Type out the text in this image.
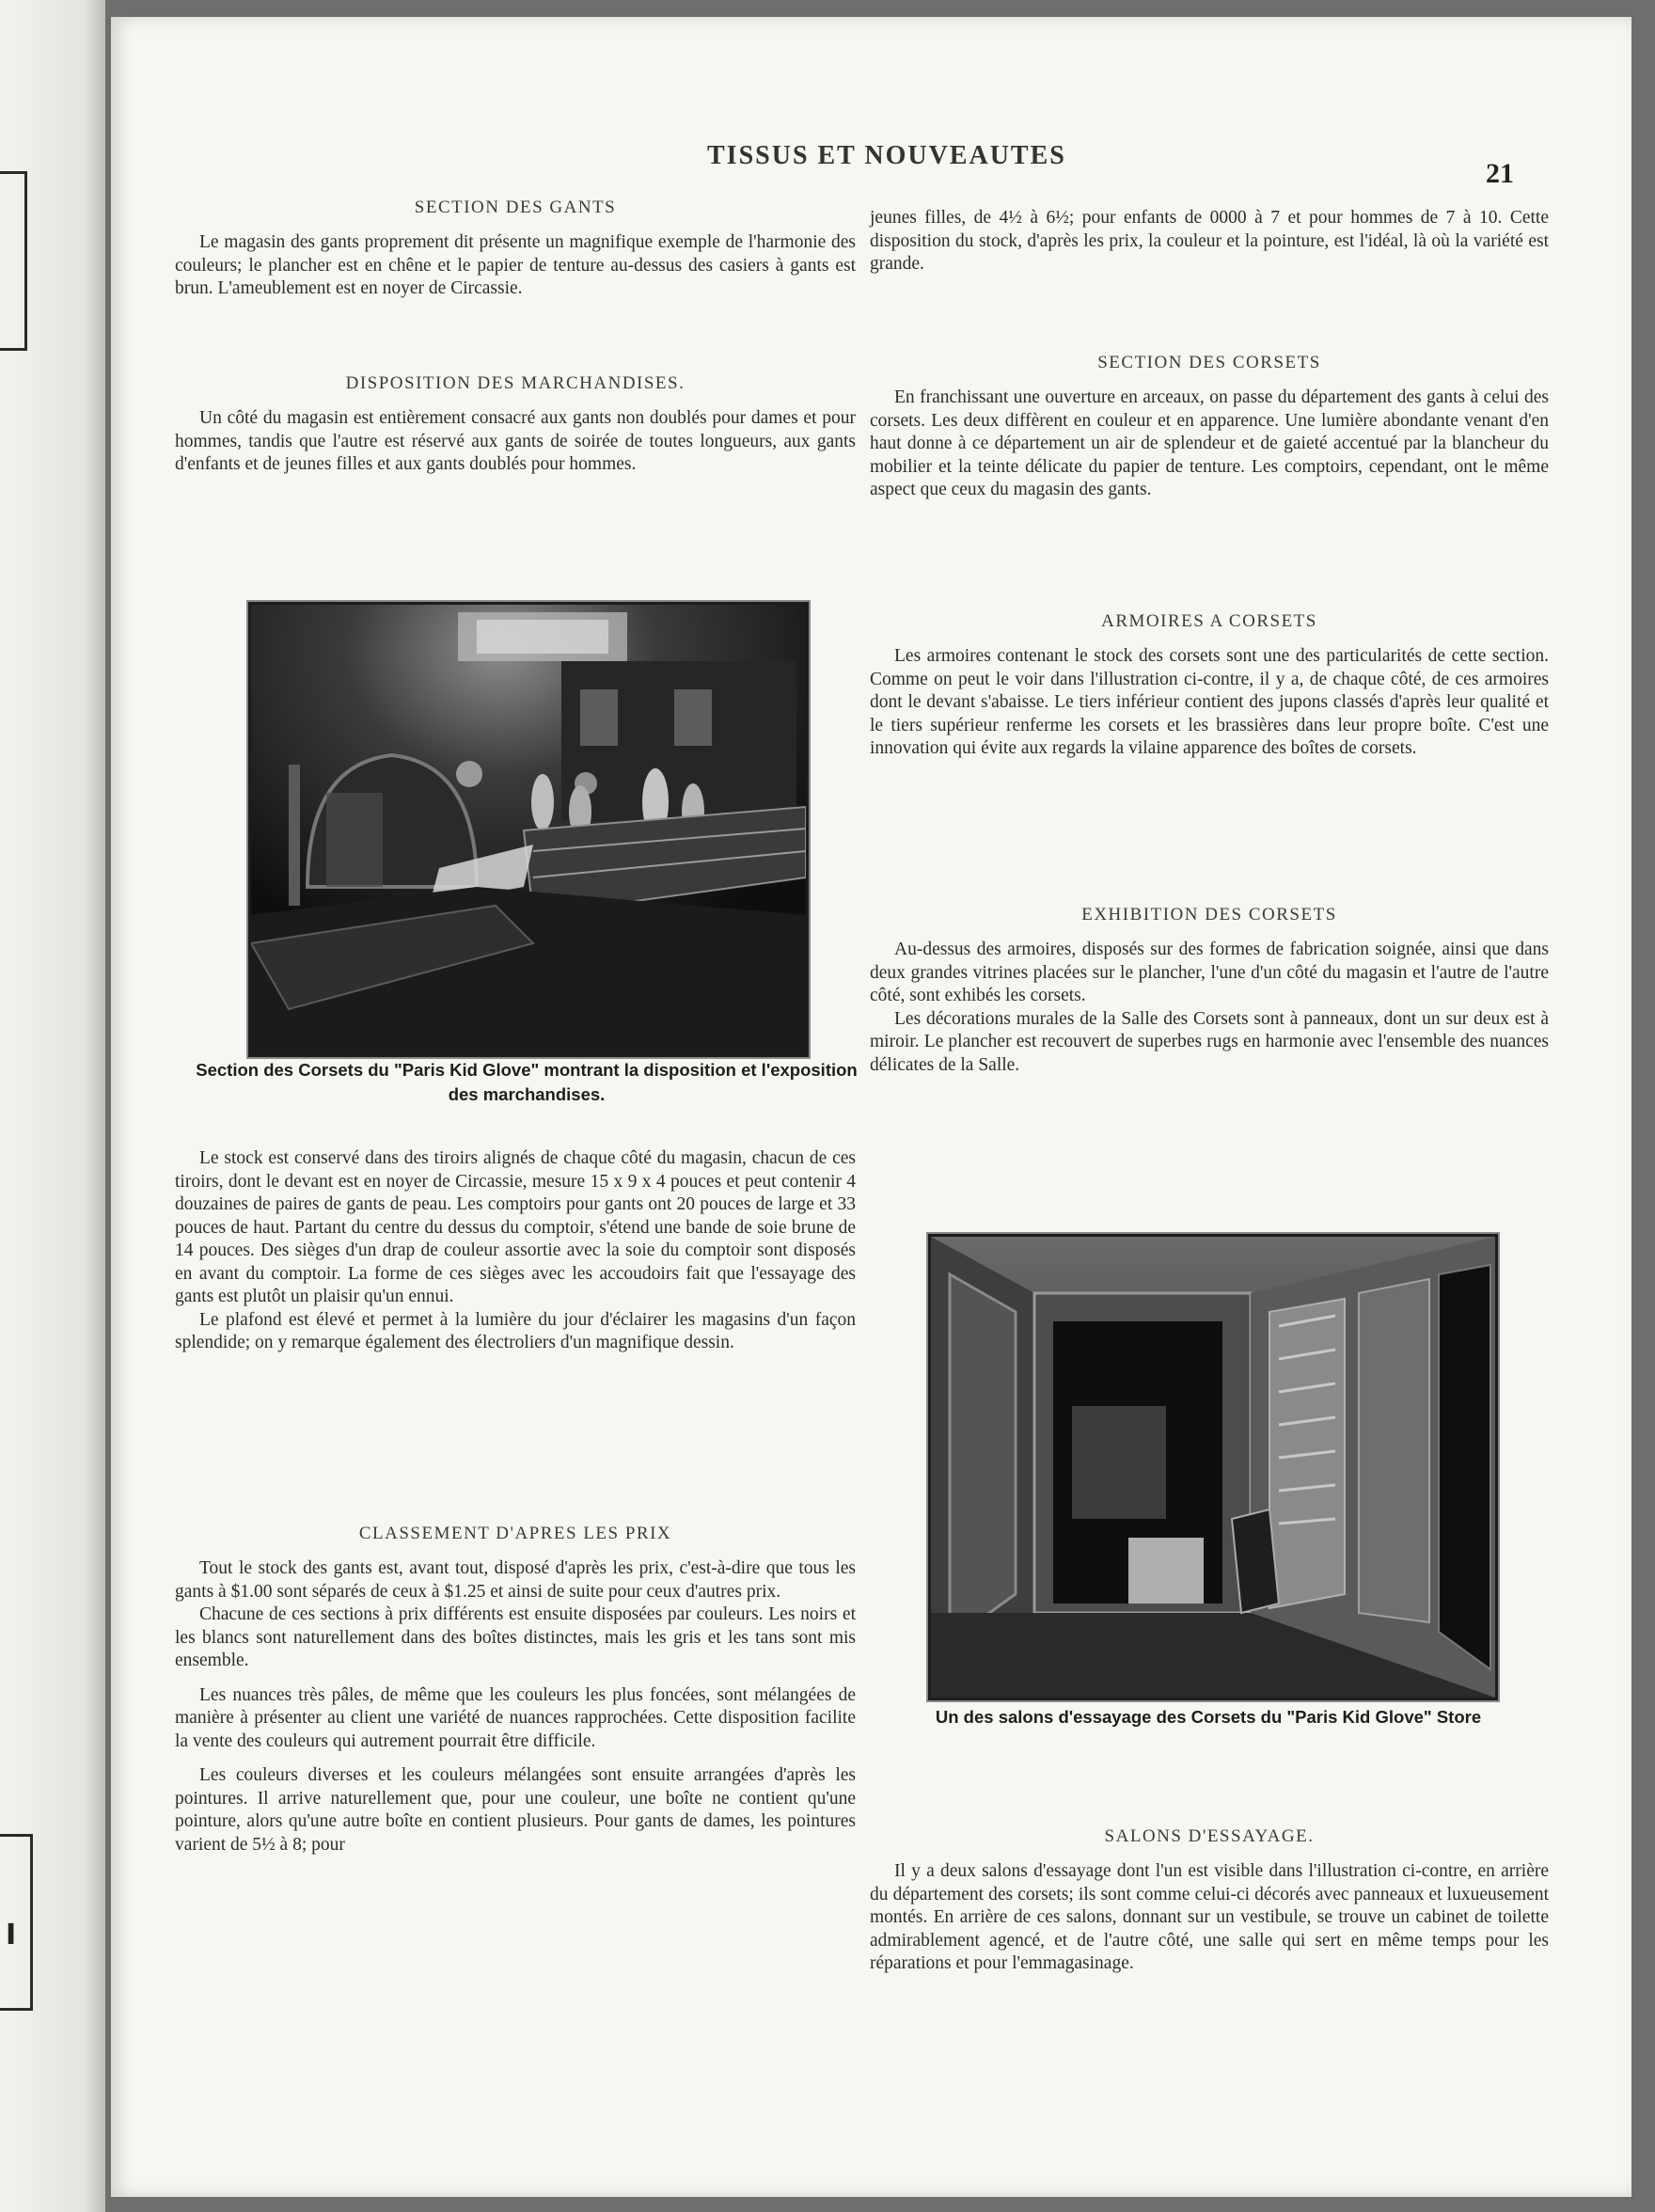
I
TISSUS ET NOUVEAUTES
21
SECTION DES GANTS

Le magasin des gants proprement dit présente un magnifique exemple de l'harmonie des couleurs; le plancher est en chêne et le papier de tenture au-dessus des casiers à gants est brun. L'ameublement est en noyer de Circassie.

DISPOSITION DES MARCHANDISES.

Un côté du magasin est entièrement consacré aux gants non doublés pour dames et pour hommes, tandis que l'autre est réservé aux gants de soirée de toutes longueurs, aux gants d'enfants et de jeunes filles et aux gants doublés pour hommes.

Section des Corsets du "Paris Kid Glove" montrant la disposition et l'exposition des marchandises.

Le stock est conservé dans des tiroirs alignés de chaque côté du magasin, chacun de ces tiroirs, dont le devant est en noyer de Circassie, mesure 15 x 9 x 4 pouces et peut contenir 4 douzaines de paires de gants de peau. Les comptoirs pour gants ont 20 pouces de large et 33 pouces de haut. Partant du centre du dessus du comptoir, s'étend une bande de soie brune de 14 pouces. Des sièges d'un drap de couleur assortie avec la soie du comptoir sont disposés en avant du comptoir. La forme de ces sièges avec les accoudoirs fait que l'essayage des gants est plutôt un plaisir qu'un ennui.

Le plafond est élevé et permet à la lumière du jour d'éclairer les magasins d'un façon splendide; on y remarque également des électroliers d'un magnifique dessin.

CLASSEMENT D'APRES LES PRIX

Tout le stock des gants est, avant tout, disposé d'après les prix, c'est-à-dire que tous les gants à $1.00 sont séparés de ceux à $1.25 et ainsi de suite pour ceux d'autres prix.

Chacune de ces sections à prix différents est ensuite disposées par couleurs. Les noirs et les blancs sont naturellement dans des boîtes distinctes, mais les gris et les tans sont mis ensemble.

Les nuances très pâles, de même que les couleurs les plus foncées, sont mélangées de manière à présenter au client une variété de nuances rapprochées. Cette disposition facilite la vente des couleurs qui autrement pourrait être difficile.

Les couleurs diverses et les couleurs mélangées sont ensuite arrangées d'après les pointures. Il arrive naturellement que, pour une couleur, une boîte ne contient qu'une pointure, alors qu'une autre boîte en contient plusieurs. Pour gants de dames, les pointures varient de 5½ à 8; pour

jeunes filles, de 4½ à 6½; pour enfants de 0000 à 7 et pour hommes de 7 à 10. Cette disposition du stock, d'après les prix, la couleur et la pointure, est l'idéal, là où la variété est grande.

SECTION DES CORSETS

En franchissant une ouverture en arceaux, on passe du département des gants à celui des corsets. Les deux diffèrent en couleur et en apparence. Une lumière abondante venant d'en haut donne à ce département un air de splendeur et de gaieté accentué par la blancheur du mobilier et la teinte délicate du papier de tenture. Les comptoirs, cependant, ont le même aspect que ceux du magasin des gants.

ARMOIRES A CORSETS

Les armoires contenant le stock des corsets sont une des particularités de cette section. Comme on peut le voir dans l'illustration ci-contre, il y a, de chaque côté, de ces armoires dont le devant s'abaisse. Le tiers inférieur contient des jupons classés d'après leur qualité et le tiers supérieur renferme les corsets et les brassières dans leur propre boîte. C'est une innovation qui évite aux regards la vilaine apparence des boîtes de corsets.

EXHIBITION DES CORSETS

Au-dessus des armoires, disposés sur des formes de fabrication soignée, ainsi que dans deux grandes vitrines placées sur le plancher, l'une d'un côté du magasin et l'autre de l'autre côté, sont exhibés les corsets.

Les décorations murales de la Salle des Corsets sont à panneaux, dont un sur deux est à miroir. Le plancher est recouvert de superbes rugs en harmonie avec l'ensemble des nuances délicates de la Salle.

Un des salons d'essayage des Corsets du "Paris Kid Glove" Store
SALONS D'ESSAYAGE.

Il y a deux salons d'essayage dont l'un est visible dans l'illustration ci-contre, en arrière du département des corsets; ils sont comme celui-ci décorés avec panneaux et luxueusement montés. En arrière de ces salons, donnant sur un vestibule, se trouve un cabinet de toilette admirablement agencé, et de l'autre côté, une salle qui sert en même temps pour les réparations et pour l'emmagasinage.
